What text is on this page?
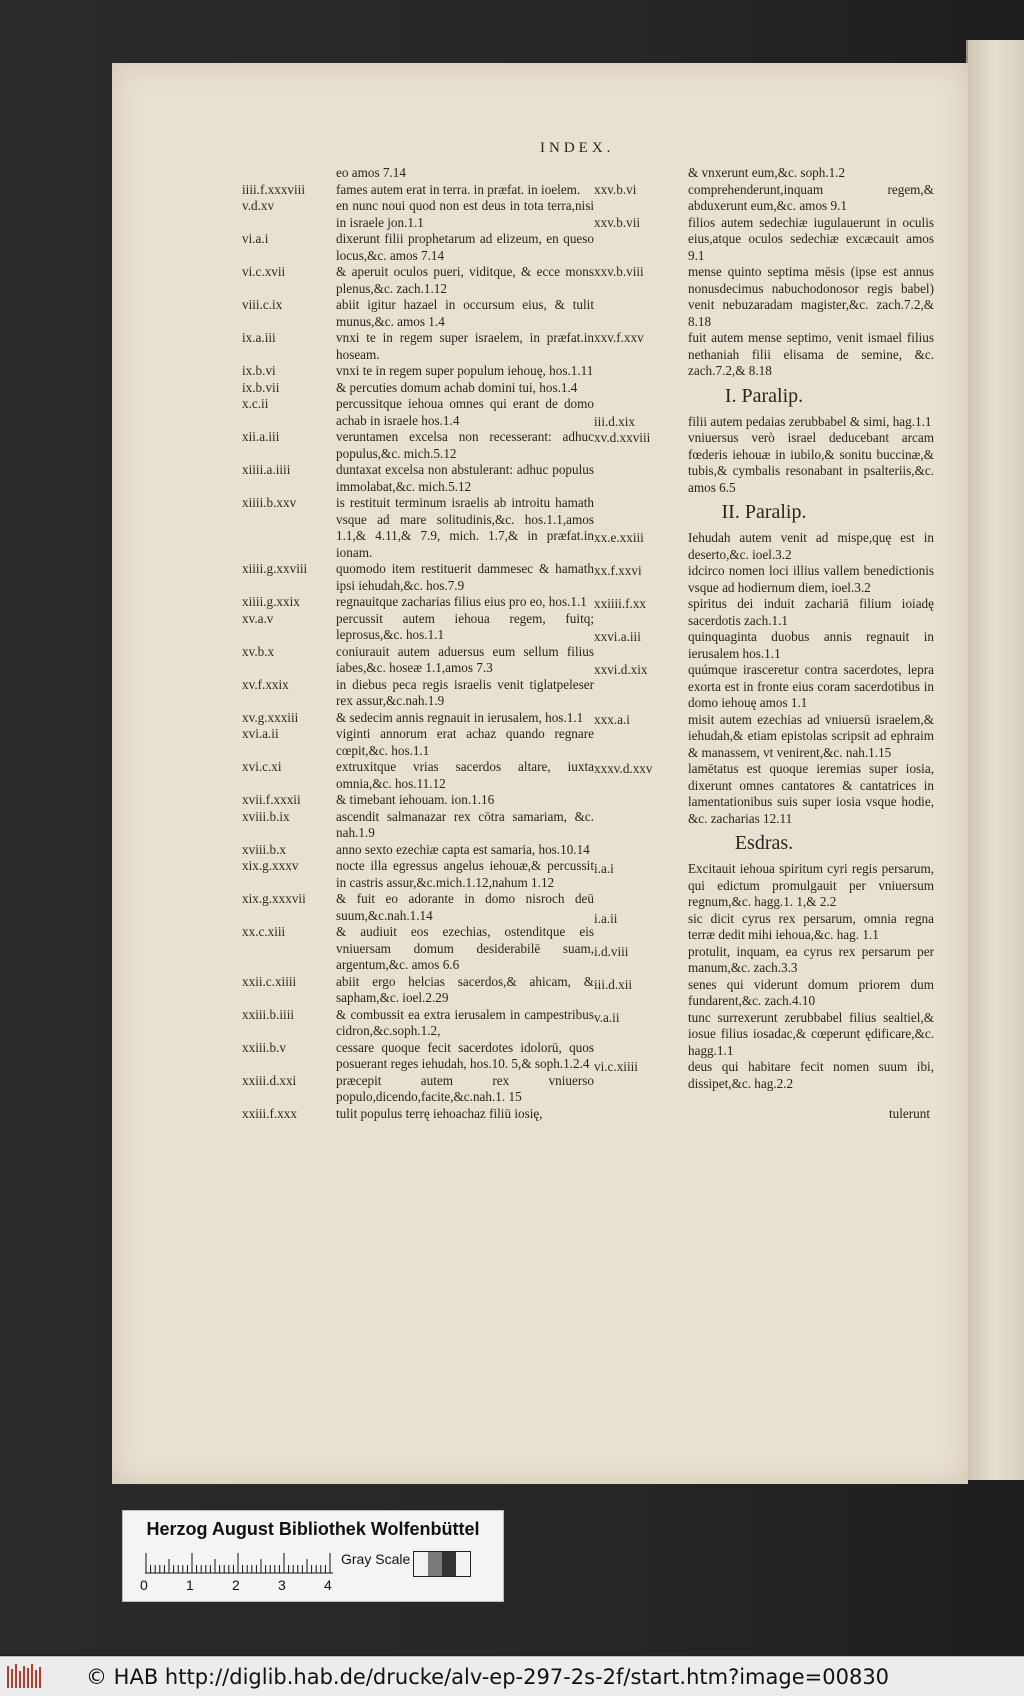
INDEX.
eo amos 7.14
iiii.f.xxxviii	fames autem erat in terra. in præfat. in ioelem.
v.d.xv	en nunc noui quod non est deus in tota terra,nisi in israele jon.1.1
vi.a.i	dixerunt filii prophetarum ad elizeum, en queso locus,&c. amos 7.14
vi.c.xvii	& aperuit oculos pueri, viditque, & ecce mons plenus,&c. zach.1.12
viii.c.ix	abiit igitur hazael in occursum eius, & tulit munus,&c. amos 1.4
ix.a.iii	vnxi te in regem super israelem, in præfat.in hoseam.
ix.b.vi	vnxi te in regem super populum iehouę, hos.1.11
ix.b.vii	& percuties domum achab domini tui, hos.1.4
x.c.ii	percussitque iehoua omnes qui erant de domo achab in israele hos.1.4
xii.a.iii	veruntamen excelsa non recesserant: adhuc populus,&c. mich.5.12
xiiii.a.iiii	duntaxat excelsa non abstulerant: adhuc populus immolabat,&c. mich.5.12
xiiii.b.xxv	is restituit terminum israelis ab introitu hamath vsque ad mare solitudinis,&c. hos.1.1,amos 1.1,& 4.11,& 7.9, mich. 1.7,& in præfat.in ionam.
xiiii.g.xxviii	quomodo item restituerit dammesec & hamath ipsi iehudah,&c. hos.7.9
xiiii.g.xxix	regnauitque zacharias filius eius pro eo, hos.1.1
xv.a.v	percussit autem iehoua regem, fuitq; leprosus,&c. hos.1.1
xv.b.x	coniurauit autem aduersus eum sellum filius iabes,&c. hoseæ 1.1,amos 7.3
xv.f.xxix	in diebus peca regis israelis venit tiglatpeleser rex assur,&c.nah.1.9
xv.g.xxxiii	& sedecim annis regnauit in ierusalem, hos.1.1
xvi.a.ii	viginti annorum erat achaz quando regnare cœpit,&c. hos.1.1
xvi.c.xi	extruxitque vrias sacerdos altare, iuxta omnia,&c. hos.11.12
xvii.f.xxxii	& timebant iehouam. ion.1.16
xviii.b.ix	ascendit salmanazar rex cōtra samariam, &c. nah.1.9
xviii.b.x	anno sexto ezechiæ capta est samaria, hos.10.14
xix.g.xxxv	nocte illa egressus angelus iehouæ,& percussit in castris assur,&c.mich.1.12,nahum 1.12
xix.g.xxxvii	& fuit eo adorante in domo nisroch deū suum,&c.nah.1.14
xx.c.xiii	& audiuit eos ezechias, ostenditque eis vniuersam domum desiderabilē suam, argentum,&c. amos 6.6
xxii.c.xiiii	abiit ergo helcias sacerdos,& ahicam, & sapham,&c. ioel.2.29
xxiii.b.iiii	& combussit ea extra ierusalem in campestribus cidron,&c.soph.1.2,
xxiii.b.v	cessare quoque fecit sacerdotes idolorū, quos posuerant reges iehudah, hos.10. 5,& soph.1.2.4
xxiii.d.xxi	præcepit autem rex vniuerso populo,dicendo,facite,&c.nah.1. 15
xxiii.f.xxx	tulit populus terrę iehoachaz filiū iosię,
& vnxerunt eum,&c. soph.1.2
xxv.b.vi	comprehenderunt,inquam regem,& abduxerunt eum,&c. amos 9.1
xxv.b.vii	filios autem sedechiæ iugulauerunt in oculis eius,atque oculos sedechiæ excæcauit amos 9.1
xxv.b.viii	mense quinto septima mēsis (ipse est annus nonusdecimus nabuchodonosor regis babel) venit nebuzaradam magister,&c. zach.7.2,& 8.18
xxv.f.xxv	fuit autem mense septimo, venit ismael filius nethaniah filii elisama de semine, &c. zach.7.2,& 8.18
I. Paralip.
iii.d.xix	filii autem pedaias zerubbabel & simi, hag.1.1
xv.d.xxviii	vniuersus verò israel deducebant arcam fœderis iehouæ in iubilo,& sonitu buccinæ,& tubis,& cymbalis resonabant in psalteriis,&c. amos 6.5
II. Paralip.
xx.e.xxiii	Iehudah autem venit ad mispe,quę est in deserto,&c. ioel.3.2
xx.f.xxvi	idcirco nomen loci illius vallem benedictionis vsque ad hodiernum diem, ioel.3.2
xxiiii.f.xx	spiritus dei induit zachariā filium ioiadę sacerdotis zach.1.1
xxvi.a.iii	quinquaginta duobus annis regnauit in ierusalem hos.1.1
xxvi.d.xix	quúmque irasceretur contra sacerdotes, lepra exorta est in fronte eius coram sacerdotibus in domo iehouę amos 1.1
xxx.a.i	misit autem ezechias ad vniuersū israelem,& iehudah,& etiam epistolas scripsit ad ephraim & manassem, vt venirent,&c. nah.1.15
xxxv.d.xxv	lamētatus est quoque ieremias super iosia, dixerunt omnes cantatores & cantatrices in lamentationibus suis super iosia vsque hodie, &c. zacharias 12.11
Esdras.
i.a.i	Excitauit iehoua spiritum cyri regis persarum, qui edictum promulgauit per vniuersum regnum,&c. hagg.1. 1,& 2.2
i.a.ii	sic dicit cyrus rex persarum, omnia regna terræ dedit mihi iehoua,&c. hag. 1.1
i.d.viii	protulit, inquam, ea cyrus rex persarum per manum,&c. zach.3.3
iii.d.xii	senes qui viderunt domum priorem dum fundarent,&c. zach.4.10
v.a.ii	tunc surrexerunt zerubbabel filius sealtiel,& iosue filius iosadac,& cœperunt ędificare,&c. hagg.1.1
vi.c.xiiii	deus qui habitare fecit nomen suum ibi, dissipet,&c. hag.2.2
tulerunt
Herzog August Bibliothek Wolfenbüttel
Gray Scale
0	1	2	3	4
© HAB http://diglib.hab.de/drucke/alv-ep-297-2s-2f/start.htm?image=00830
